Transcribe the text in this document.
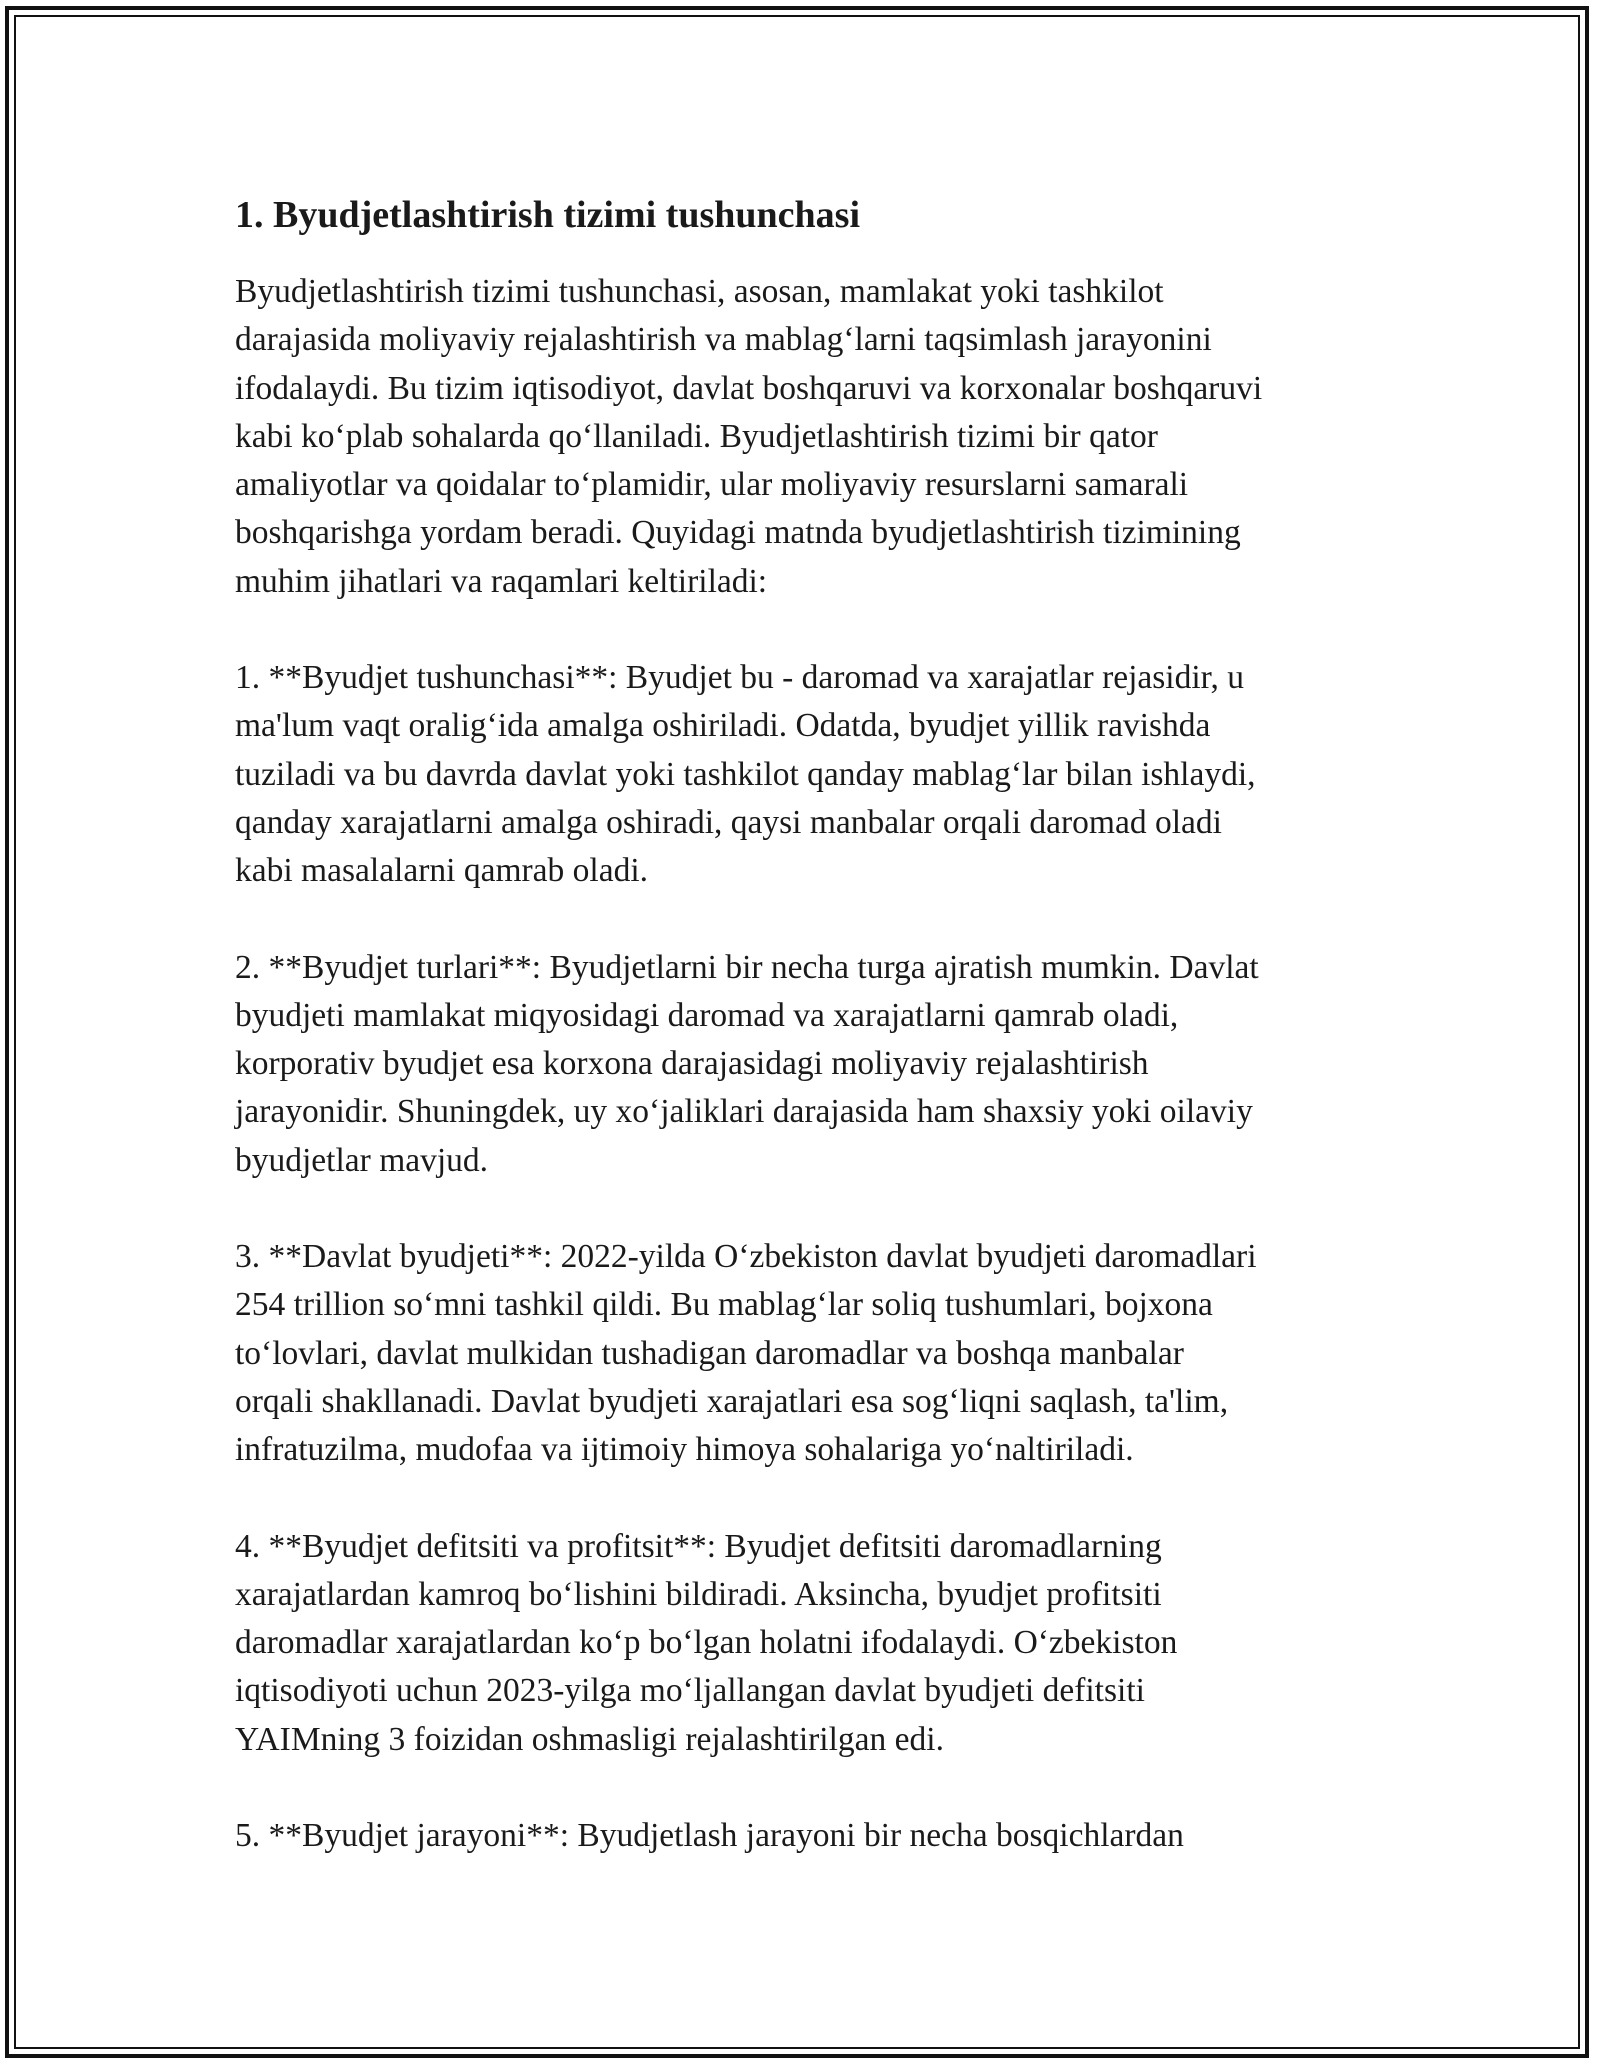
1. Byudjetlashtirish tizimi tushunchasi

Byudjetlashtirish tizimi tushunchasi, asosan, mamlakat yoki tashkilot
darajasida moliyaviy rejalashtirish va mablag‘larni taqsimlash jarayonini
ifodalaydi. Bu tizim iqtisodiyot, davlat boshqaruvi va korxonalar boshqaruvi
kabi ko‘plab sohalarda qo‘llaniladi. Byudjetlashtirish tizimi bir qator
amaliyotlar va qoidalar to‘plamidir, ular moliyaviy resurslarni samarali
boshqarishga yordam beradi. Quyidagi matnda byudjetlashtirish tizimining
muhim jihatlari va raqamlari keltiriladi:

1. **Byudjet tushunchasi**: Byudjet bu - daromad va xarajatlar rejasidir, u
ma'lum vaqt oralig‘ida amalga oshiriladi. Odatda, byudjet yillik ravishda
tuziladi va bu davrda davlat yoki tashkilot qanday mablag‘lar bilan ishlaydi,
qanday xarajatlarni amalga oshiradi, qaysi manbalar orqali daromad oladi
kabi masalalarni qamrab oladi.

2. **Byudjet turlari**: Byudjetlarni bir necha turga ajratish mumkin. Davlat
byudjeti mamlakat miqyosidagi daromad va xarajatlarni qamrab oladi,
korporativ byudjet esa korxona darajasidagi moliyaviy rejalashtirish
jarayonidir. Shuningdek, uy xo‘jaliklari darajasida ham shaxsiy yoki oilaviy
byudjetlar mavjud.

3. **Davlat byudjeti**: 2022-yilda O‘zbekiston davlat byudjeti daromadlari
254 trillion so‘mni tashkil qildi. Bu mablag‘lar soliq tushumlari, bojxona
to‘lovlari, davlat mulkidan tushadigan daromadlar va boshqa manbalar
orqali shakllanadi. Davlat byudjeti xarajatlari esa sog‘liqni saqlash, ta'lim,
infratuzilma, mudofaa va ijtimoiy himoya sohalariga yo‘naltiriladi.

4. **Byudjet defitsiti va profitsit**: Byudjet defitsiti daromadlarning
xarajatlardan kamroq bo‘lishini bildiradi. Aksincha, byudjet profitsiti
daromadlar xarajatlardan ko‘p bo‘lgan holatni ifodalaydi. O‘zbekiston
iqtisodiyoti uchun 2023-yilga mo‘ljallangan davlat byudjeti defitsiti
YAIMning 3 foizidan oshmasligi rejalashtirilgan edi.

5. **Byudjet jarayoni**: Byudjetlash jarayoni bir necha bosqichlardan
